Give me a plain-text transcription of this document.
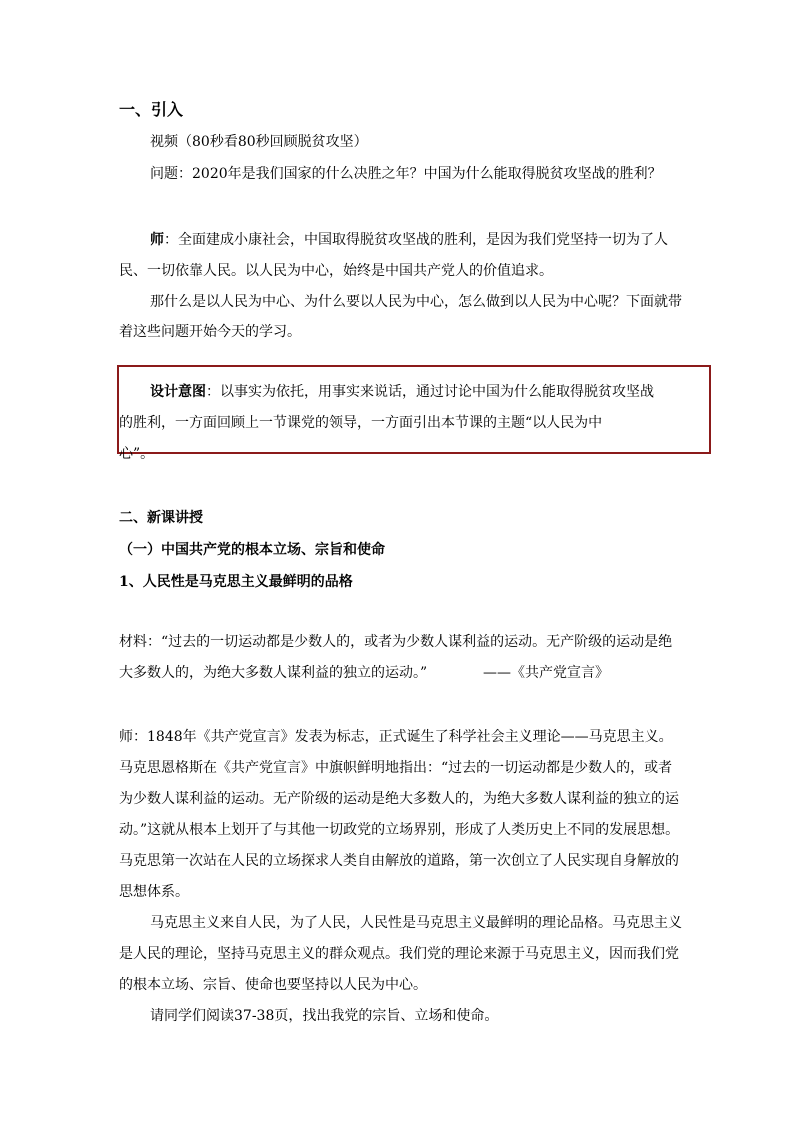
一、引入
视频（80秒看80秒回顾脱贫攻坚）
问题：2020年是我们国家的什么决胜之年？中国为什么能取得脱贫攻坚战的胜利？
师：全面建成小康社会，中国取得脱贫攻坚战的胜利，是因为我们党坚持一切为了人
民、一切依靠人民。以人民为中心，始终是中国共产党人的价值追求。
那什么是以人民为中心、为什么要以人民为中心，怎么做到以人民为中心呢？下面就带
着这些问题开始今天的学习。
设计意图：以事实为依托，用事实来说话，通过讨论中国为什么能取得脱贫攻坚战
的胜利，一方面回顾上一节课党的领导，一方面引出本节课的主题“以人民为中
心”。
二、新课讲授
（一）中国共产党的根本立场、宗旨和使命
1、人民性是马克思主义最鲜明的品格
材料：“过去的一切运动都是少数人的，或者为少数人谋利益的运动。无产阶级的运动是绝
大多数人的，为绝大多数人谋利益的独立的运动。”	——《共产党宣言》
师：1848年《共产党宣言》发表为标志，正式诞生了科学社会主义理论——马克思主义。
马克思恩格斯在《共产党宣言》中旗帜鲜明地指出：“过去的一切运动都是少数人的，或者
为少数人谋利益的运动。无产阶级的运动是绝大多数人的，为绝大多数人谋利益的独立的运
动。”这就从根本上划开了与其他一切政党的立场界别，形成了人类历史上不同的发展思想。
马克思第一次站在人民的立场探求人类自由解放的道路，第一次创立了人民实现自身解放的
思想体系。
马克思主义来自人民，为了人民，人民性是马克思主义最鲜明的理论品格。马克思主义
是人民的理论，坚持马克思主义的群众观点。我们党的理论来源于马克思主义，因而我们党
的根本立场、宗旨、使命也要坚持以人民为中心。
请同学们阅读37-38页，找出我党的宗旨、立场和使命。
